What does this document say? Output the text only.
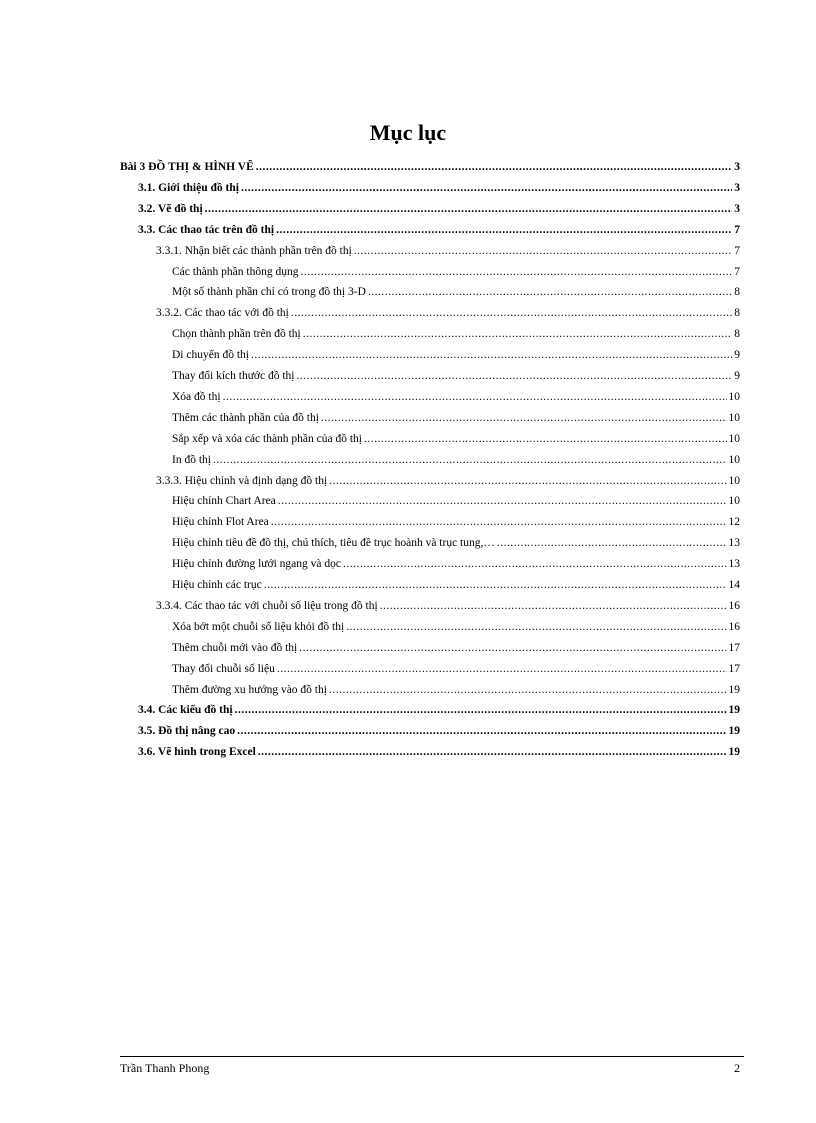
Mục lục
Bài 3 ĐỒ THỊ & HÌNH VẼ .....	3
3.1. Giới thiệu đồ thị .....	3
3.2. Vẽ đồ thị .....	3
3.3. Các thao tác trên đồ thị .....	7
3.3.1. Nhận biết các thành phần trên đồ thị .....	7
Các thành phần thông dụng .....	7
Một số thành phần chỉ có trong đồ thị 3-D .....	8
3.3.2. Các thao tác với đồ thị .....	8
Chọn thành phần trên đồ thị .....	8
Di chuyển đồ thị .....	9
Thay đổi kích thước đồ thị .....	9
Xóa đồ thị .....	10
Thêm các thành phần của đồ thị .....	10
Sắp xếp và xóa các thành phần của đồ thị .....	10
In đồ thị .....	10
3.3.3. Hiệu chỉnh và định dạng đồ thị .....	10
Hiệu chỉnh Chart Area .....	10
Hiệu chỉnh Flot Area .....	12
Hiệu chỉnh tiêu đề đồ thị, chú thích, tiêu đề trục hoành và trục tung,… .....	13
Hiệu chỉnh đường lưới ngang và dọc .....	13
Hiệu chỉnh các trục .....	14
3.3.4. Các thao tác với chuỗi số liệu trong đồ thị .....	16
Xóa bớt một chuỗi số liệu khỏi đồ thị .....	16
Thêm chuỗi mới vào đồ thị .....	17
Thay đổi chuỗi số liệu .....	17
Thêm đường xu hướng vào đồ thị .....	19
3.4. Các kiểu đồ thị .....	19
3.5. Đồ thị nâng cao .....	19
3.6. Vẽ hình trong Excel .....	19
Trần Thanh Phong	2
